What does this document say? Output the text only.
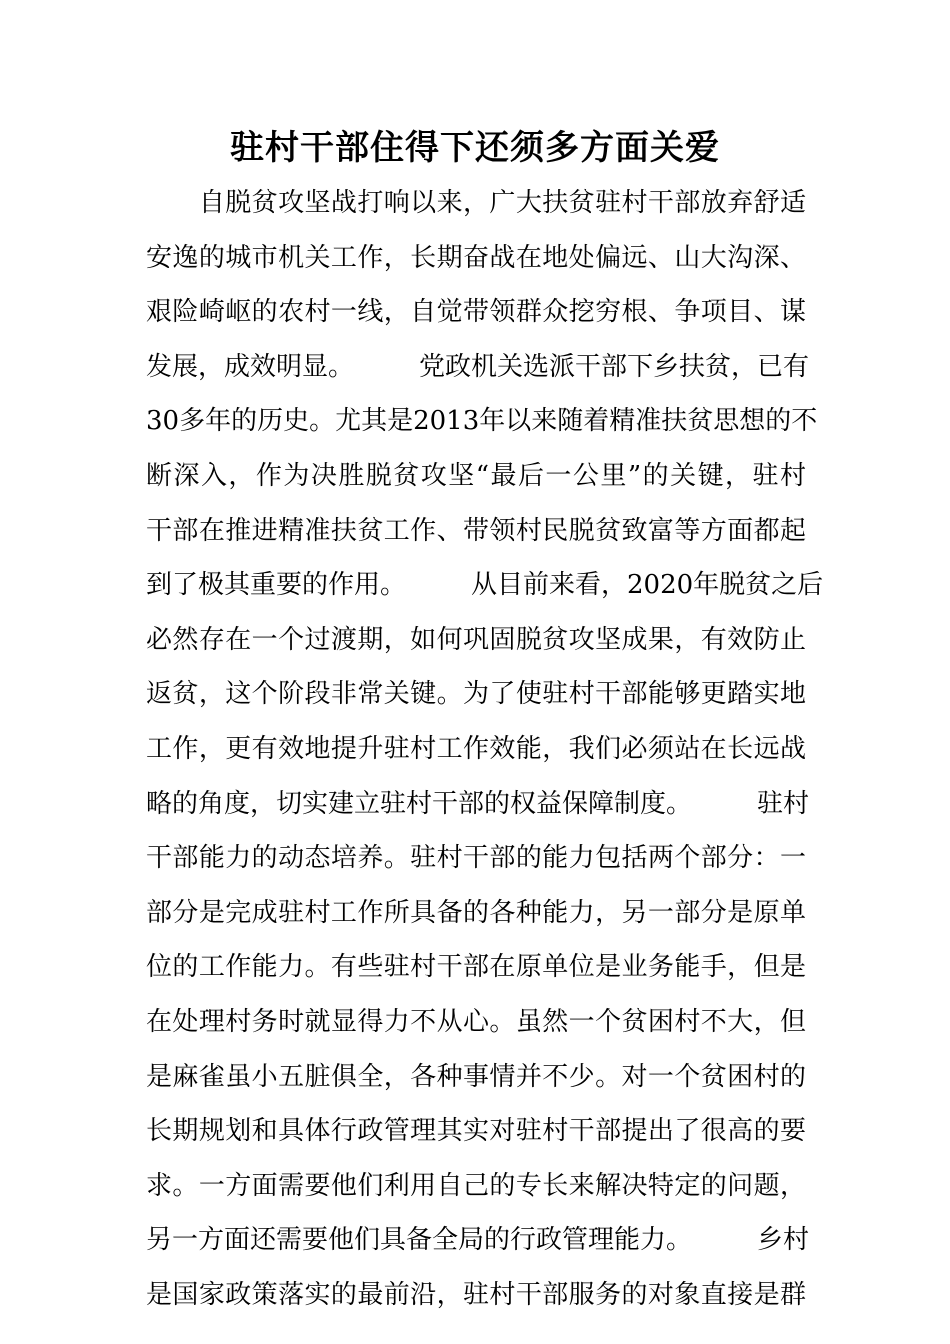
驻村干部住得下还须多方面关爱
　　自脱贫攻坚战打响以来，广大扶贫驻村干部放弃舒适
安逸的城市机关工作，长期奋战在地处偏远、山大沟深、
艰险崎岖的农村一线，自觉带领群众挖穷根、争项目、谋
发展，成效明显。　　　党政机关选派干部下乡扶贫，已有
30多年的历史。尤其是2013年以来随着精准扶贫思想的不
断深入，作为决胜脱贫攻坚“最后一公里”的关键，驻村
干部在推进精准扶贫工作、带领村民脱贫致富等方面都起
到了极其重要的作用。　　　从目前来看，2020年脱贫之后
必然存在一个过渡期，如何巩固脱贫攻坚成果，有效防止
返贫，这个阶段非常关键。为了使驻村干部能够更踏实地
工作，更有效地提升驻村工作效能，我们必须站在长远战
略的角度，切实建立驻村干部的权益保障制度。　　　驻村
干部能力的动态培养。驻村干部的能力包括两个部分：一
部分是完成驻村工作所具备的各种能力，另一部分是原单
位的工作能力。有些驻村干部在原单位是业务能手，但是
在处理村务时就显得力不从心。虽然一个贫困村不大，但
是麻雀虽小五脏俱全，各种事情并不少。对一个贫困村的
长期规划和具体行政管理其实对驻村干部提出了很高的要
求。一方面需要他们利用自己的专长来解决特定的问题，
另一方面还需要他们具备全局的行政管理能力。　　　乡村
是国家政策落实的最前沿，驻村干部服务的对象直接是群
